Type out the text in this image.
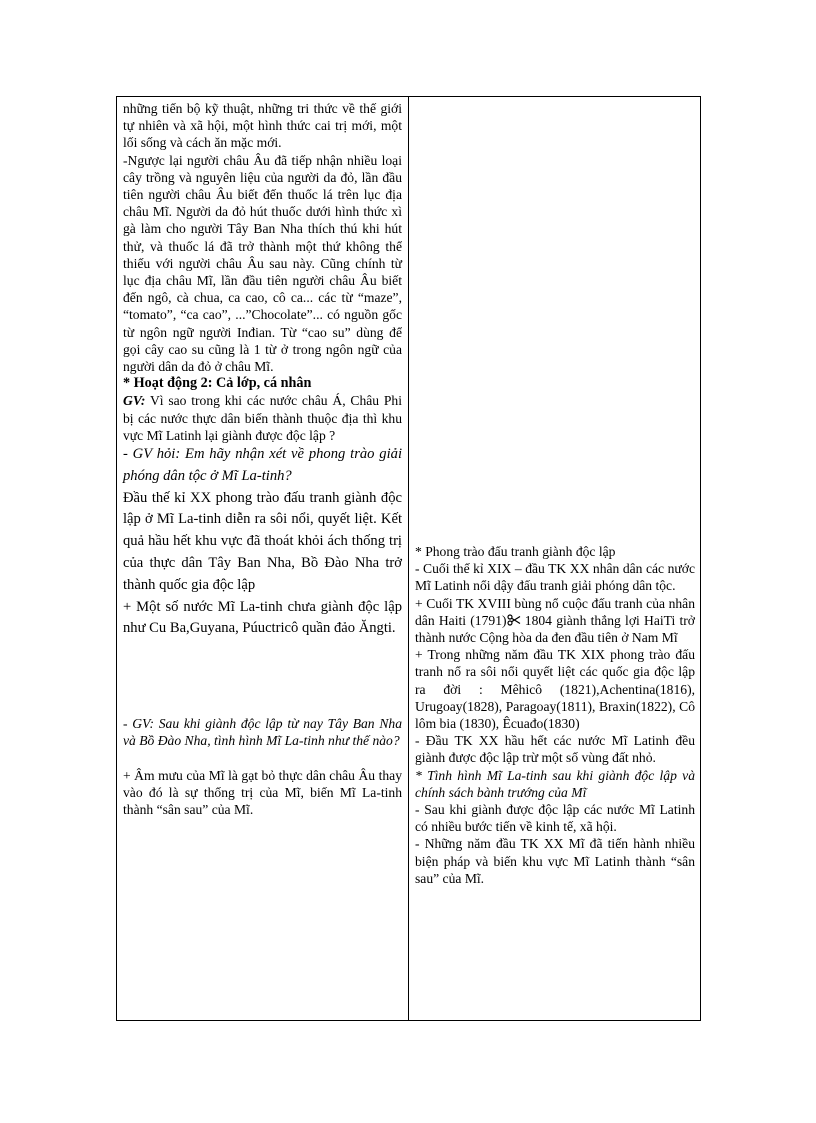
những tiến bộ kỹ thuật, những tri thức về thế giới tự nhiên và xã hội, một hình thức cai trị mới, một lối sống và cách ăn mặc mới.

-Ngược lại người châu Âu đã tiếp nhận nhiều loại cây trồng và nguyên liệu của người da đỏ, lần đầu tiên người châu Âu biết đến thuốc lá trên lục địa châu Mĩ. Người da đỏ hút thuốc dưới hình thức xì gà làm cho người Tây Ban Nha thích thú khi hút thử, và thuốc lá đã trở thành một thứ không thể thiếu với người châu Âu sau này. Cũng chính từ lục địa châu Mĩ, lần đầu tiên người châu Âu biết đến ngô, cà chua, ca cao, cô ca... các từ “maze”, “tomato”, “ca cao”, ...”Chocolate”... có nguồn gốc từ ngôn ngữ người Inđian. Từ “cao su” dùng để gọi cây cao su cũng là 1 từ ở trong ngôn ngữ của người dân da đỏ ở châu Mĩ.

* Hoạt động 2: Cả lớp, cá nhân

GV: Vì sao trong khi các nước châu Á, Châu Phi bị các nước thực dân biến thành thuộc địa thì khu vực Mĩ Latinh lại giành được độc lập ?

- GV hỏi: Em hãy nhận xét về phong trào giải phóng dân tộc ở Mĩ La-tinh?

Đầu thế kỉ XX phong trào đấu tranh giành độc lập ở Mĩ La-tinh diễn ra sôi nổi, quyết liệt. Kết quả hầu hết khu vực đã thoát khỏi ách thống trị của thực dân Tây Ban Nha, Bồ Đào Nha trở thành quốc gia độc lập

+ Một số nước Mĩ La-tinh chưa giành độc lập như Cu Ba,Guyana, Púuctricô quần đảo Ăngti.

- GV: Sau khi giành độc lập từ nay Tây Ban Nha và Bồ Đào Nha, tình hình Mĩ La-tinh như thế nào?

+ Âm mưu của Mĩ là gạt bỏ thực dân châu Âu thay vào đó là sự thống trị của Mĩ, biến Mĩ La-tinh thành “sân sau” của Mĩ.

* Phong trào đấu tranh giành độc lập

- Cuối thế kỉ XIX – đầu TK XX nhân dân các nước Mĩ Latinh nổi dậy đấu tranh giải phóng dân tộc.

+ Cuối TK XVIII bùng nổ cuộc đấu tranh của nhân dân Haiti (1791) 1804 giành thắng lợi HaiTi trở thành nước Cộng hòa da đen đầu tiên ở Nam Mĩ

+ Trong những năm đầu TK XIX phong trào đấu tranh nổ ra sôi nổi quyết liệt các quốc gia độc lập ra đời : Mêhicô (1821),Achentina(1816), Urugoay(1828), Paragoay(1811), Braxin(1822), Cô lôm bia (1830), Êcuađo(1830)

- Đầu TK XX hầu hết các nước Mĩ Latinh đều giành được độc lập trừ một số vùng đất nhỏ.

* Tình hình Mĩ La-tinh sau khi giành độc lập và chính sách bành trướng của Mĩ

- Sau khi giành được độc lập các nước Mĩ Latinh có nhiều bước tiến về kinh tế, xã hội.

- Những năm đầu TK XX Mĩ đã tiến hành nhiều biện pháp và biến khu vực Mĩ Latinh thành “sân sau” của Mĩ.
